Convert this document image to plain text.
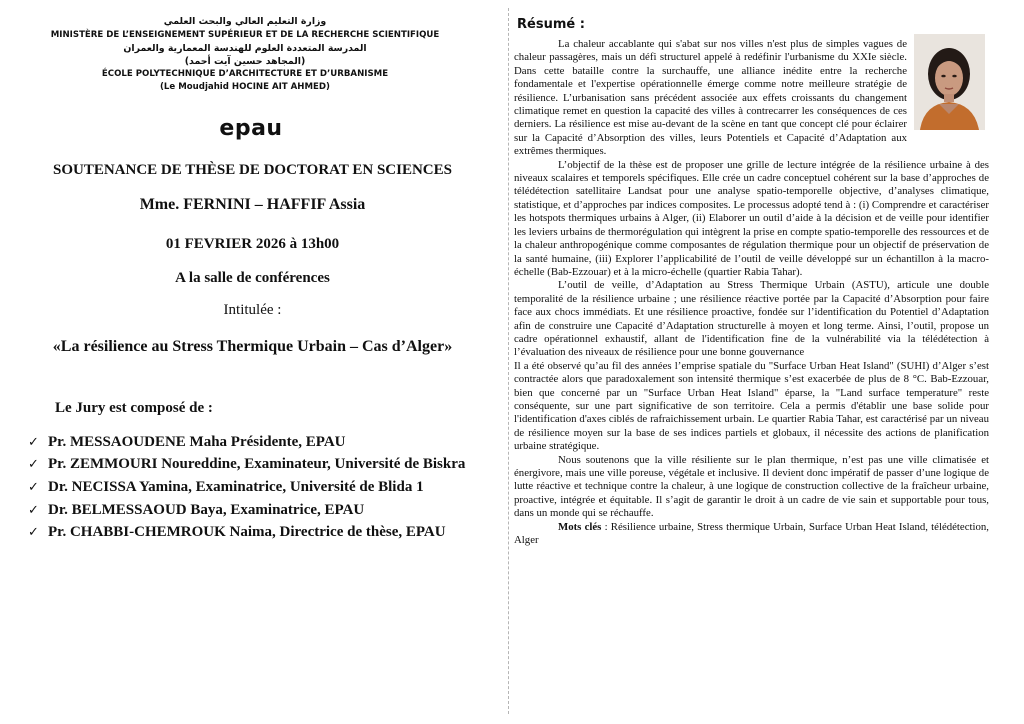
وزارة التعليم العالي والبحث العلمي
MINISTÈRE DE L’ENSEIGNEMENT SUPÉRIEUR ET DE LA RECHERCHE SCIENTIFIQUE
المدرسة المتعددة العلوم للهندسة المعمارية والعمران
(المجاهد حسين آيت أحمد)
ÉCOLE POLYTECHNIQUE D’ARCHITECTURE ET D’URBANISME
(Le Moudjahid HOCINE AIT AHMED)
epau
SOUTENANCE DE THÈSE DE DOCTORAT EN SCIENCES
Mme. FERNINI – HAFFIF Assia
01 FEVRIER 2026 à 13h00
A la salle de conférences
Intitulée :
«La résilience au Stress Thermique Urbain – Cas d’Alger»
Le Jury est composé de :
✓ Pr. MESSAOUDENE Maha Présidente, EPAU
✓ Pr. ZEMMOURI Noureddine, Examinateur, Université de Biskra
✓ Dr. NECISSA Yamina, Examinatrice, Université de Blida 1
✓ Dr. BELMESSAOUD Baya, Examinatrice, EPAU
✓ Pr. CHABBI-CHEMROUK Naima, Directrice de thèse, EPAU
Résumé :

La chaleur accablante qui s'abat sur nos villes n'est plus de simples vagues de chaleur passagères, mais un défi structurel appelé à redéfinir l'urbanisme du XXIe siècle. Dans cette bataille contre la surchauffe, une alliance inédite entre la recherche fondamentale et l'expertise opérationnelle émerge comme notre meilleure stratégie de résilience. L’urbanisation sans précédent associée aux effets croissants du changement climatique remet en question la capacité des villes à contrecarrer les conséquences de ces derniers. La résilience est mise au-devant de la scène en tant que concept clé pour éclairer sur la Capacité d’Absorption des villes, leurs Potentiels et Capacité d’Adaptation aux extrêmes thermiques.

L’objectif de la thèse est de proposer une grille de lecture intégrée de la résilience urbaine à des niveaux scalaires et temporels spécifiques. Elle crée un cadre conceptuel cohérent sur la base d’approches de télédétection satellitaire Landsat pour une analyse spatio-temporelle objective, d’analyses climatique, statistique, et d’approches par indices composites. Le processus adopté tend à : (i) Comprendre et caractériser les hotspots thermiques urbains à Alger, (ii) Elaborer un outil d’aide à la décision et de veille pour identifier les leviers urbains de thermorégulation qui intègrent la prise en compte spatio-temporelle des ressources et de la chaleur anthropogénique comme composantes de régulation thermique pour un objectif de préservation de la santé humaine, (iii) Explorer l’applicabilité de l’outil de veille développé sur un échantillon à la macro-échelle (Bab-Ezzouar) et à la micro-échelle (quartier Rabia Tahar).

L’outil de veille, d’Adaptation au Stress Thermique Urbain (ASTU), articule une double temporalité de la résilience urbaine ; une résilience réactive portée par la Capacité d’Absorption pour faire face aux chocs immédiats. Et une résilience proactive, fondée sur l’identification du Potentiel d’Adaptation afin de construire une Capacité d’Adaptation structurelle à moyen et long terme. Ainsi, l’outil, propose un cadre opérationnel exhaustif, allant de l'identification fine de la vulnérabilité via la télédétection à l’évaluation des niveaux de résilience pour une bonne gouvernance

Il a été observé qu’au fil des années l’emprise spatiale du "Surface Urban Heat Island" (SUHI) d’Alger s’est contractée alors que paradoxalement son intensité thermique s’est exacerbée de plus de 8 °C. Bab-Ezzouar, bien que concerné par un "Surface Urban Heat Island" éparse, la "Land surface temperature" reste conséquente, sur une part significative de son territoire. Cela a permis d'établir une base solide pour l'identification d'axes ciblés de rafraichissement urbain. Le quartier Rabia Tahar, est caractérisé par un niveau de résilience moyen sur la base de ses indices partiels et globaux, il nécessite des actions de planification urbaine stratégique.

Nous soutenons que la ville résiliente sur le plan thermique, n’est pas une ville climatisée et énergivore, mais une ville poreuse, végétale et inclusive. Il devient donc impératif de passer d’une logique de lutte réactive et technique contre la chaleur, à une logique de construction collective de la fraîcheur urbaine, proactive, intégrée et équitable. Il s’agit de garantir le droit à un cadre de vie sain et supportable pour tous, dans un monde qui se réchauffe.

Mots clés : Résilience urbaine, Stress thermique Urbain, Surface Urban Heat Island, télédétection, Alger
